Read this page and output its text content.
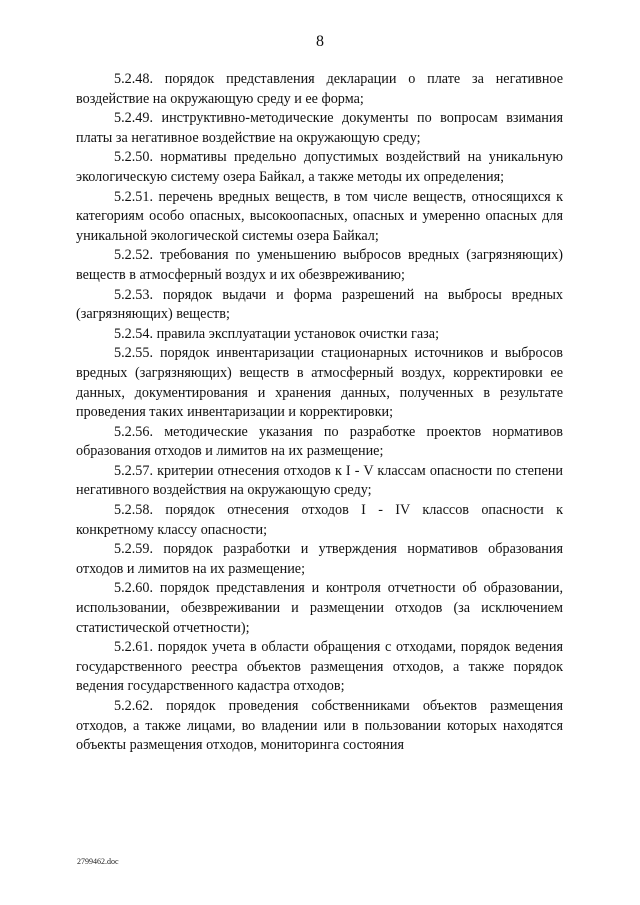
8

5.2.48. порядок представления декларации о плате за негативное воздействие на окружающую среду и ее форма;

5.2.49. инструктивно-методические документы по вопросам взимания платы за негативное воздействие на окружающую среду;

5.2.50. нормативы предельно допустимых воздействий на уникальную экологическую систему озера Байкал, а также методы их определения;

5.2.51. перечень вредных веществ, в том числе веществ, относящихся к категориям особо опасных, высокоопасных, опасных и умеренно опасных для уникальной экологической системы озера Байкал;

5.2.52. требования по уменьшению выбросов вредных (загрязняющих) веществ в атмосферный воздух и их обезвреживанию;

5.2.53. порядок выдачи и форма разрешений на выбросы вредных (загрязняющих) веществ;

5.2.54. правила эксплуатации установок очистки газа;

5.2.55. порядок инвентаризации стационарных источников и выбросов вредных (загрязняющих) веществ в атмосферный воздух, корректировки ее данных, документирования и хранения данных, полученных в результате проведения таких инвентаризации и корректировки;

5.2.56. методические указания по разработке проектов нормативов образования отходов и лимитов на их размещение;

5.2.57. критерии отнесения отходов к I - V классам опасности по степени негативного воздействия на окружающую среду;

5.2.58. порядок отнесения отходов I - IV классов опасности к конкретному классу опасности;

5.2.59. порядок разработки и утверждения нормативов образования отходов и лимитов на их размещение;

5.2.60. порядок представления и контроля отчетности об образовании, использовании, обезвреживании и размещении отходов (за исключением статистической отчетности);

5.2.61. порядок учета в области обращения с отходами, порядок ведения государственного реестра объектов размещения отходов, а также порядок ведения государственного кадастра отходов;

5.2.62. порядок проведения собственниками объектов размещения отходов, а также лицами, во владении или в пользовании которых находятся объекты размещения отходов, мониторинга состояния

2799462.doc
